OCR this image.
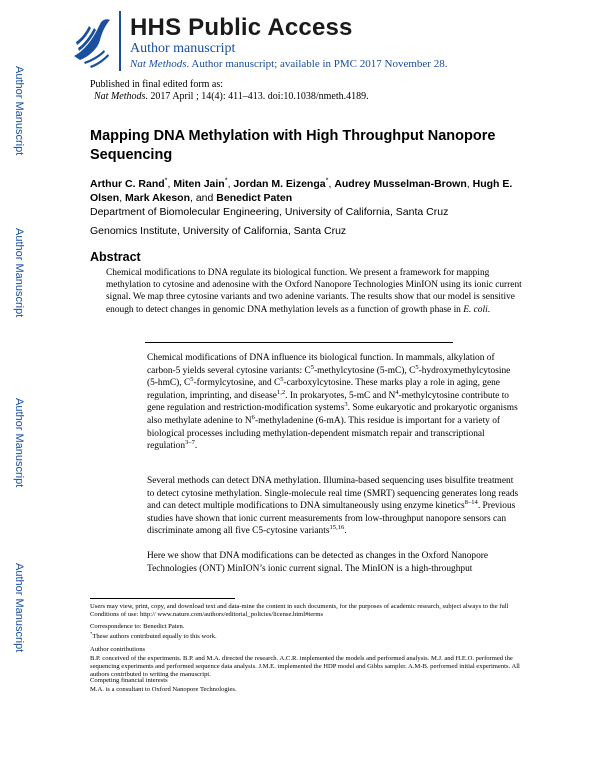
HHS Public Access
Author manuscript
Nat Methods. Author manuscript; available in PMC 2017 November 28.
Author Manuscript
Author Manuscript
Author Manuscript
Author Manuscript
Published in final edited form as:
Nat Methods. 2017 April ; 14(4): 411–413. doi:10.1038/nmeth.4189.
Mapping DNA Methylation with High Throughput Nanopore Sequencing
Arthur C. Rand*, Miten Jain*, Jordan M. Eizenga*, Audrey Musselman-Brown, Hugh E. Olsen, Mark Akeson, and Benedict Paten
Department of Biomolecular Engineering, University of California, Santa Cruz
Genomics Institute, University of California, Santa Cruz
Abstract
Chemical modifications to DNA regulate its biological function. We present a framework for mapping methylation to cytosine and adenosine with the Oxford Nanopore Technologies MinION using its ionic current signal. We map three cytosine variants and two adenine variants. The results show that our model is sensitive enough to detect changes in genomic DNA methylation levels as a function of growth phase in E. coli.
Chemical modifications of DNA influence its biological function. In mammals, alkylation of carbon-5 yields several cytosine variants: $C^5$-methylcytosine (5-mC), $C^5$-hydroxymethylcytosine (5-hmC), $C^5$-formylcytosine, and $C^5$-carboxylcytosine. These marks play a role in aging, gene regulation, imprinting, and disease$^{1,2}$. In prokaryotes, 5-mC and $N^4$-methylcytosine contribute to gene regulation and restriction-modification systems$^3$. Some eukaryotic and prokaryotic organisms also methylate adenine to $N^6$-methyladenine (6-mA). This residue is important for a variety of biological processes including methylation-dependent mismatch repair and transcriptional regulation$^{3-7}$.
Several methods can detect DNA methylation. Illumina-based sequencing uses bisulfite treatment to detect cytosine methylation. Single-molecule real time (SMRT) sequencing generates long reads and can detect multiple modifications to DNA simultaneously using enzyme kinetics$^{8-14}$. Previous studies have shown that ionic current measurements from low-throughput nanopore sensors can discriminate among all five C5-cytosine variants$^{15,16}$.
Here we show that DNA modifications can be detected as changes in the Oxford Nanopore Technologies (ONT) MinION’s ionic current signal. The MinION is a high-throughput
Users may view, print, copy, and download text and data-mine the content in such documents, for the purposes of academic research, subject always to the full Conditions of use: http:// www.nature.com/authors/editorial_policies/license.html#terms
Correspondence to: Benedict Paten.
*These authors contributed equally to this work.
Author contributions
B.P. conceived of the experiments. B.P. and M.A. directed the research. A.C.R. implemented the models and performed analysis. M.J. and H.E.O. performed the sequencing experiments and performed sequence data analysis. J.M.E. implemented the HDP model and Gibbs sampler. A.M-B. performed initial experiments. All authors contributed to writing the manuscript.
Competing financial interests
M.A. is a consultant to Oxford Nanopore Technologies.
